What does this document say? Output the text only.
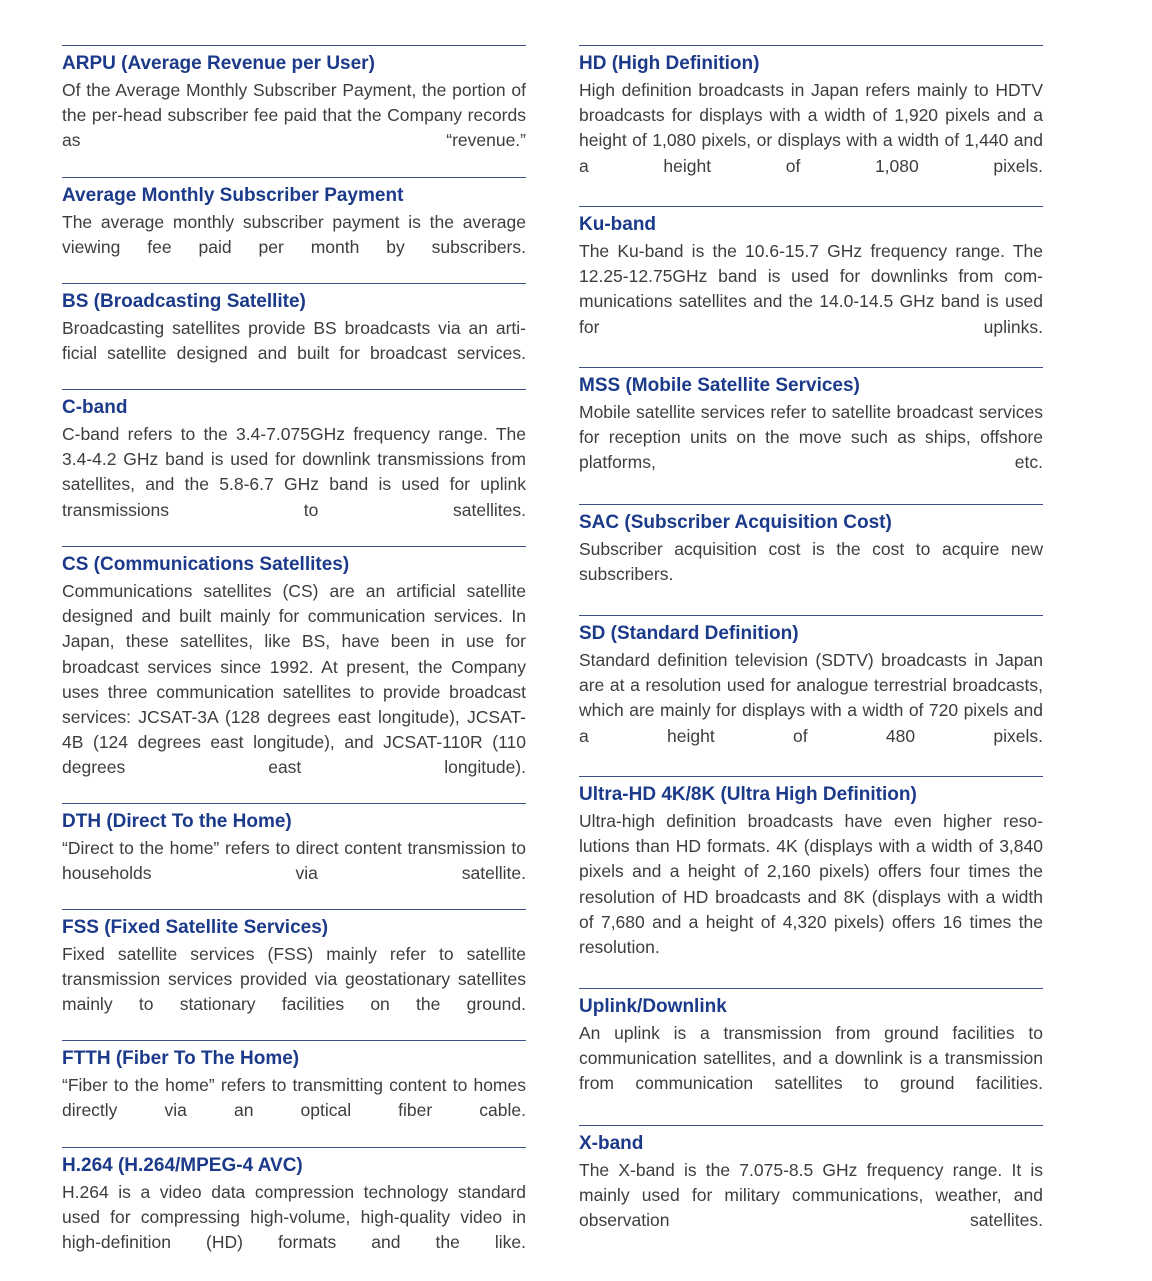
ARPU (Average Revenue per User)

Of the Average Monthly Subscriber Payment, the portion of the per-head subscriber fee paid that the Company records as “revenue.”

Average Monthly Subscriber Payment

The average monthly subscriber payment is the average viewing fee paid per month by subscribers.

BS (Broadcasting Satellite)

Broadcasting satellites provide BS broadcasts via an artificial satellite designed and built for broadcast services.

C-band

C-band refers to the 3.4-7.075GHz frequency range. The 3.4-4.2 GHz band is used for downlink transmissions from satellites, and the 5.8-6.7 GHz band is used for uplink transmissions to satellites.

CS (Communications Satellites)

Communications satellites (CS) are an artificial satellite designed and built mainly for communication services. In Japan, these satellites, like BS, have been in use for broadcast services since 1992. At present, the Company uses three communication satellites to provide broadcast services: JCSAT-3A (128 degrees east longitude), JCSAT-4B (124 degrees east longitude), and JCSAT-110R (110 degrees east longitude).

DTH (Direct To the Home)

“Direct to the home” refers to direct content transmission to households via satellite.

FSS (Fixed Satellite Services)

Fixed satellite services (FSS) mainly refer to satellite transmission services provided via geostationary satellites mainly to stationary facilities on the ground.

FTTH (Fiber To The Home)

“Fiber to the home” refers to transmitting content to homes directly via an optical fiber cable.

H.264 (H.264/MPEG-4 AVC)

H.264 is a video data compression technology standard used for compressing high-volume, high-quality video in high-definition (HD) formats and the like.

HD (High Definition)

High definition broadcasts in Japan refers mainly to HDTV broadcasts for displays with a width of 1,920 pixels and a height of 1,080 pixels, or displays with a width of 1,440 and a height of 1,080 pixels.

Ku-band

The Ku-band is the 10.6-15.7 GHz frequency range. The 12.25-12.75GHz band is used for downlinks from communications satellites and the 14.0-14.5 GHz band is used for uplinks.

MSS (Mobile Satellite Services)

Mobile satellite services refer to satellite broadcast services for reception units on the move such as ships, offshore platforms, etc.

SAC (Subscriber Acquisition Cost)

Subscriber acquisition cost is the cost to acquire new subscribers.

SD (Standard Definition)

Standard definition television (SDTV) broadcasts in Japan are at a resolution used for analogue terrestrial broadcasts, which are mainly for displays with a width of 720 pixels and a height of 480 pixels.

Ultra-HD 4K/8K (Ultra High Definition)

Ultra-high definition broadcasts have even higher resolutions than HD formats. 4K (displays with a width of 3,840 pixels and a height of 2,160 pixels) offers four times the resolution of HD broadcasts and 8K (displays with a width of 7,680 and a height of 4,320 pixels) offers 16 times the resolution.

Uplink/Downlink

An uplink is a transmission from ground facilities to communication satellites, and a downlink is a transmission from communication satellites to ground facilities.

X-band

The X-band is the 7.075-8.5 GHz frequency range. It is mainly used for military communications, weather, and observation satellites.
